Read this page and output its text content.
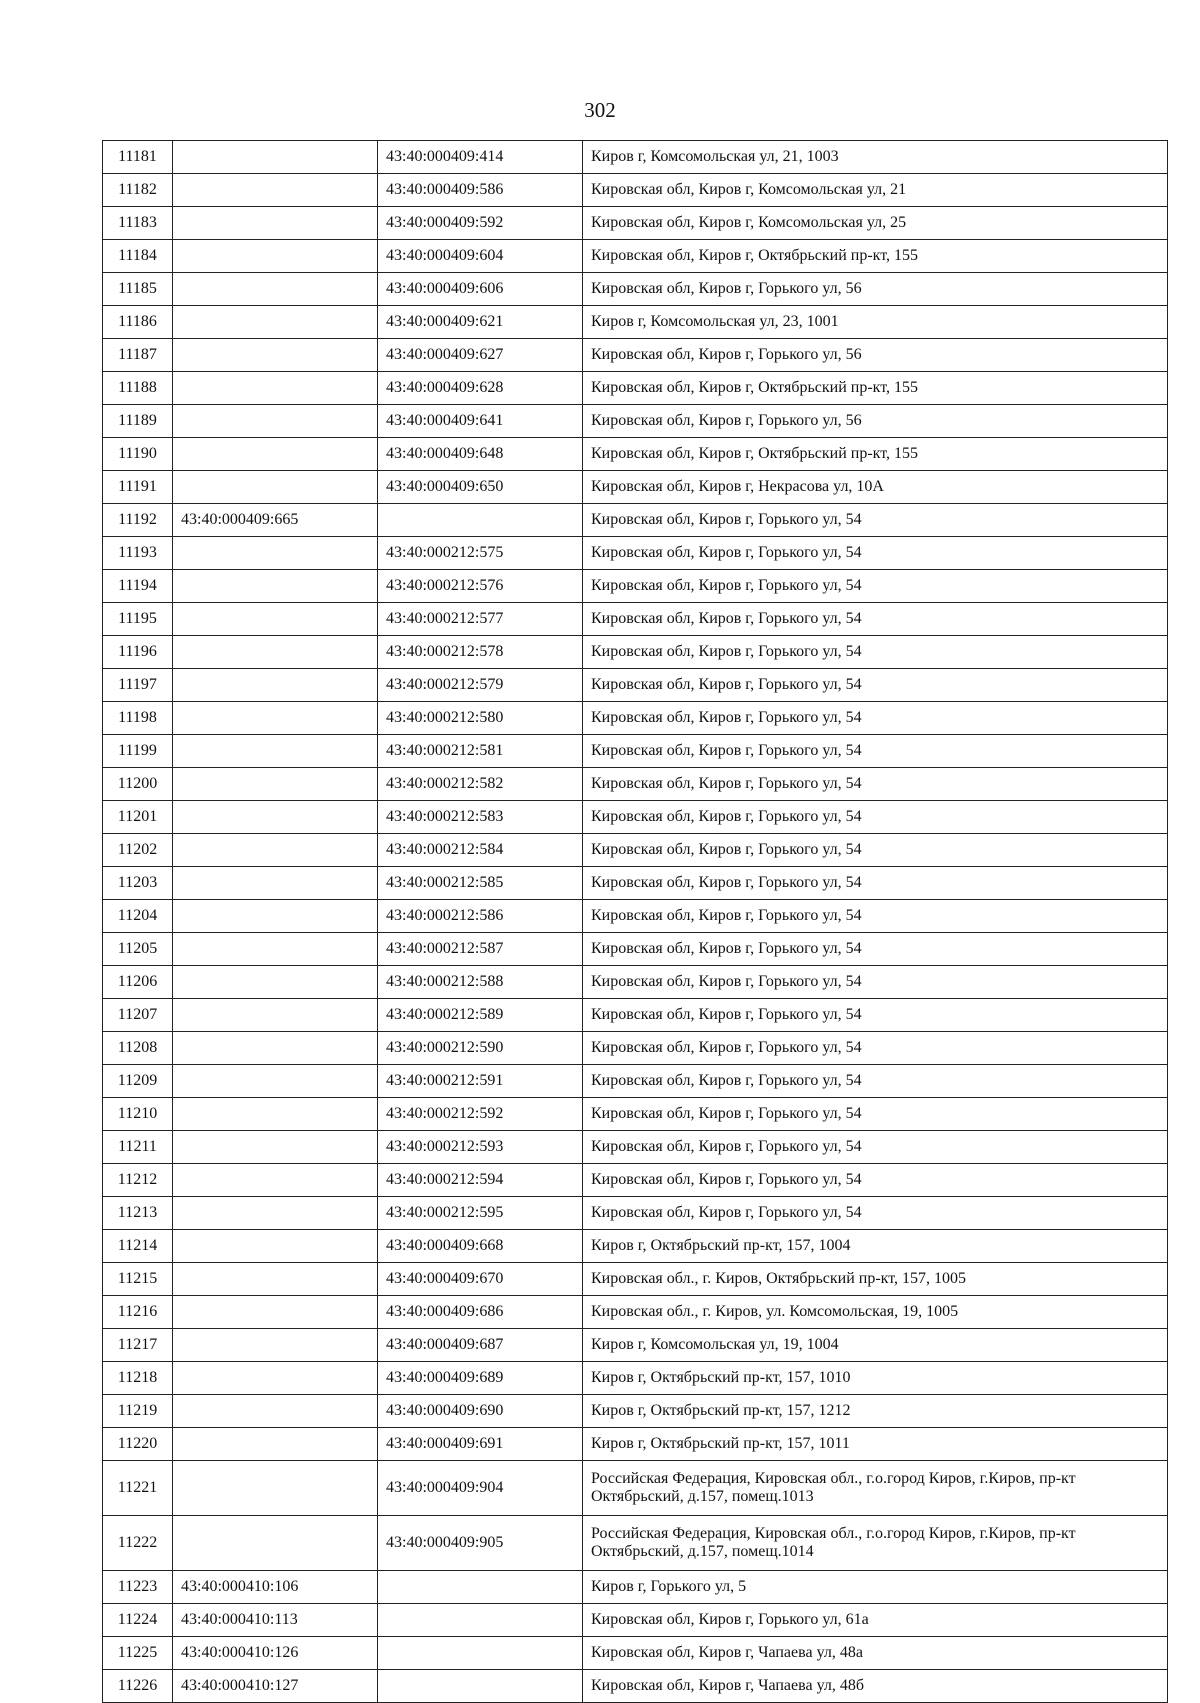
302
11181		43:40:000409:414	Киров г, Комсомольская ул, 21, 1003
11182		43:40:000409:586	Кировская обл, Киров г, Комсомольская ул, 21
11183		43:40:000409:592	Кировская обл, Киров г, Комсомольская ул, 25
11184		43:40:000409:604	Кировская обл, Киров г, Октябрьский пр-кт, 155
11185		43:40:000409:606	Кировская обл, Киров г, Горького ул, 56
11186		43:40:000409:621	Киров г, Комсомольская ул, 23, 1001
11187		43:40:000409:627	Кировская обл, Киров г, Горького ул, 56
11188		43:40:000409:628	Кировская обл, Киров г, Октябрьский пр-кт, 155
11189		43:40:000409:641	Кировская обл, Киров г, Горького ул, 56
11190		43:40:000409:648	Кировская обл, Киров г, Октябрьский пр-кт, 155
11191		43:40:000409:650	Кировская обл, Киров г, Некрасова ул, 10А
11192	43:40:000409:665		Кировская обл, Киров г, Горького ул, 54
11193		43:40:000212:575	Кировская обл, Киров г, Горького ул, 54
11194		43:40:000212:576	Кировская обл, Киров г, Горького ул, 54
11195		43:40:000212:577	Кировская обл, Киров г, Горького ул, 54
11196		43:40:000212:578	Кировская обл, Киров г, Горького ул, 54
11197		43:40:000212:579	Кировская обл, Киров г, Горького ул, 54
11198		43:40:000212:580	Кировская обл, Киров г, Горького ул, 54
11199		43:40:000212:581	Кировская обл, Киров г, Горького ул, 54
11200		43:40:000212:582	Кировская обл, Киров г, Горького ул, 54
11201		43:40:000212:583	Кировская обл, Киров г, Горького ул, 54
11202		43:40:000212:584	Кировская обл, Киров г, Горького ул, 54
11203		43:40:000212:585	Кировская обл, Киров г, Горького ул, 54
11204		43:40:000212:586	Кировская обл, Киров г, Горького ул, 54
11205		43:40:000212:587	Кировская обл, Киров г, Горького ул, 54
11206		43:40:000212:588	Кировская обл, Киров г, Горького ул, 54
11207		43:40:000212:589	Кировская обл, Киров г, Горького ул, 54
11208		43:40:000212:590	Кировская обл, Киров г, Горького ул, 54
11209		43:40:000212:591	Кировская обл, Киров г, Горького ул, 54
11210		43:40:000212:592	Кировская обл, Киров г, Горького ул, 54
11211		43:40:000212:593	Кировская обл, Киров г, Горького ул, 54
11212		43:40:000212:594	Кировская обл, Киров г, Горького ул, 54
11213		43:40:000212:595	Кировская обл, Киров г, Горького ул, 54
11214		43:40:000409:668	Киров г, Октябрьский пр-кт, 157, 1004
11215		43:40:000409:670	Кировская обл., г. Киров, Октябрьский пр-кт, 157, 1005
11216		43:40:000409:686	Кировская обл., г. Киров, ул. Комсомольская, 19, 1005
11217		43:40:000409:687	Киров г, Комсомольская ул, 19, 1004
11218		43:40:000409:689	Киров г, Октябрьский пр-кт, 157, 1010
11219		43:40:000409:690	Киров г, Октябрьский пр-кт, 157, 1212
11220		43:40:000409:691	Киров г, Октябрьский пр-кт, 157, 1011
11221		43:40:000409:904	Российская Федерация, Кировская обл., г.о.город Киров, г.Киров, пр-кт Октябрьский, д.157, помещ.1013
11222		43:40:000409:905	Российская Федерация, Кировская обл., г.о.город Киров, г.Киров, пр-кт Октябрьский, д.157, помещ.1014
11223	43:40:000410:106		Киров г, Горького ул, 5
11224	43:40:000410:113		Кировская обл, Киров г, Горького ул, 61а
11225	43:40:000410:126		Кировская обл, Киров г, Чапаева ул, 48а
11226	43:40:000410:127		Кировская обл, Киров г, Чапаева ул, 48б
